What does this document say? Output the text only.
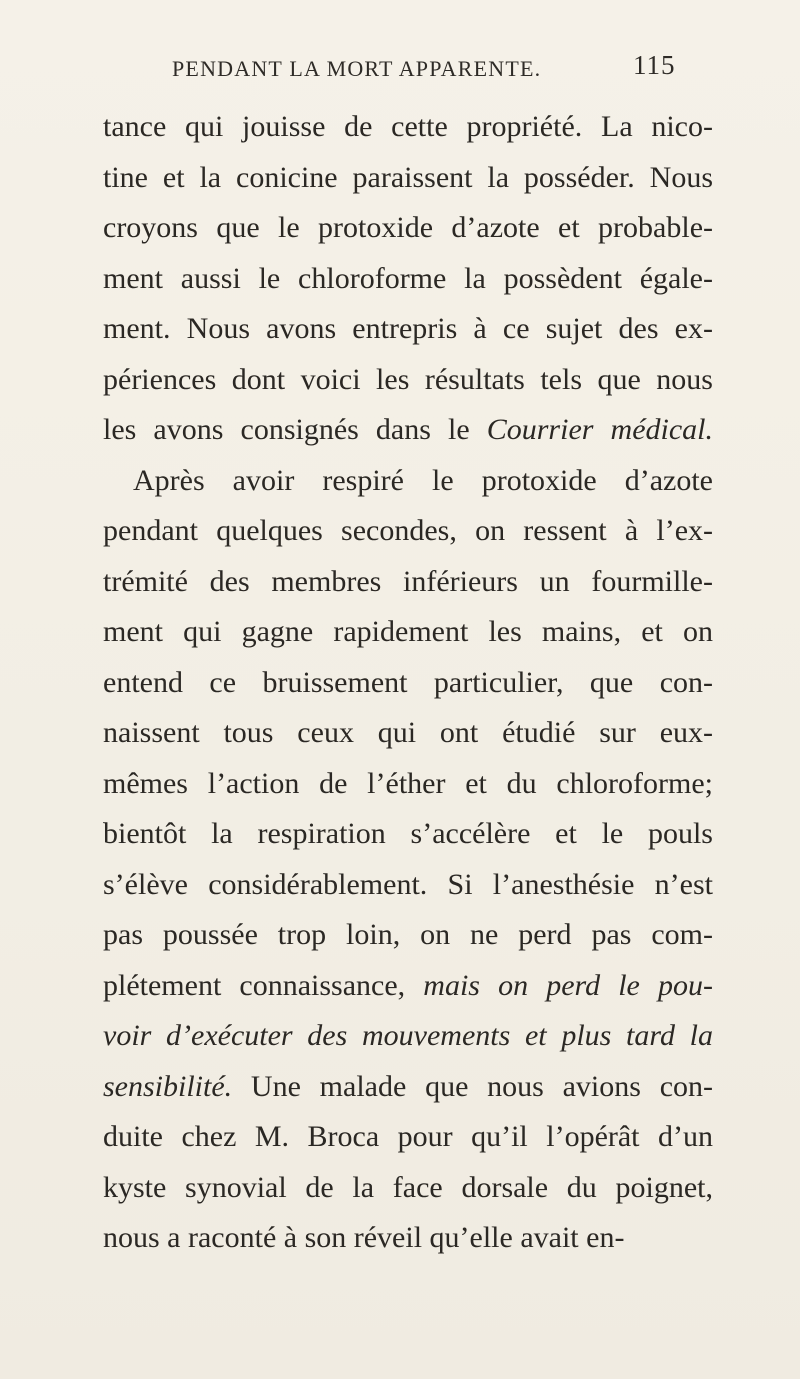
PENDANT LA MORT APPARENTE.	115
tance qui jouisse de cette propriété. La nico-
tine et la conicine paraissent la posséder. Nous
croyons que le protoxide d’azote et probable-
ment aussi le chloroforme la possèdent égale-
ment. Nous avons entrepris à ce sujet des ex-
périences dont voici les résultats tels que nous
les avons consignés dans le Courrier médical.
Après avoir respiré le protoxide d’azote
pendant quelques secondes, on ressent à l’ex-
trémité des membres inférieurs un fourmille-
ment qui gagne rapidement les mains, et on
entend ce bruissement particulier, que con-
naissent tous ceux qui ont étudié sur eux-
mêmes l’action de l’éther et du chloroforme;
bientôt la respiration s’accélère et le pouls
s’élève considérablement. Si l’anesthésie n’est
pas poussée trop loin, on ne perd pas com-
plétement connaissance, mais on perd le pou-
voir d’exécuter des mouvements et plus tard la
sensibilité. Une malade que nous avions con-
duite chez M. Broca pour qu’il l’opérât d’un
kyste synovial de la face dorsale du poignet,
nous a raconté à son réveil qu’elle avait en-
